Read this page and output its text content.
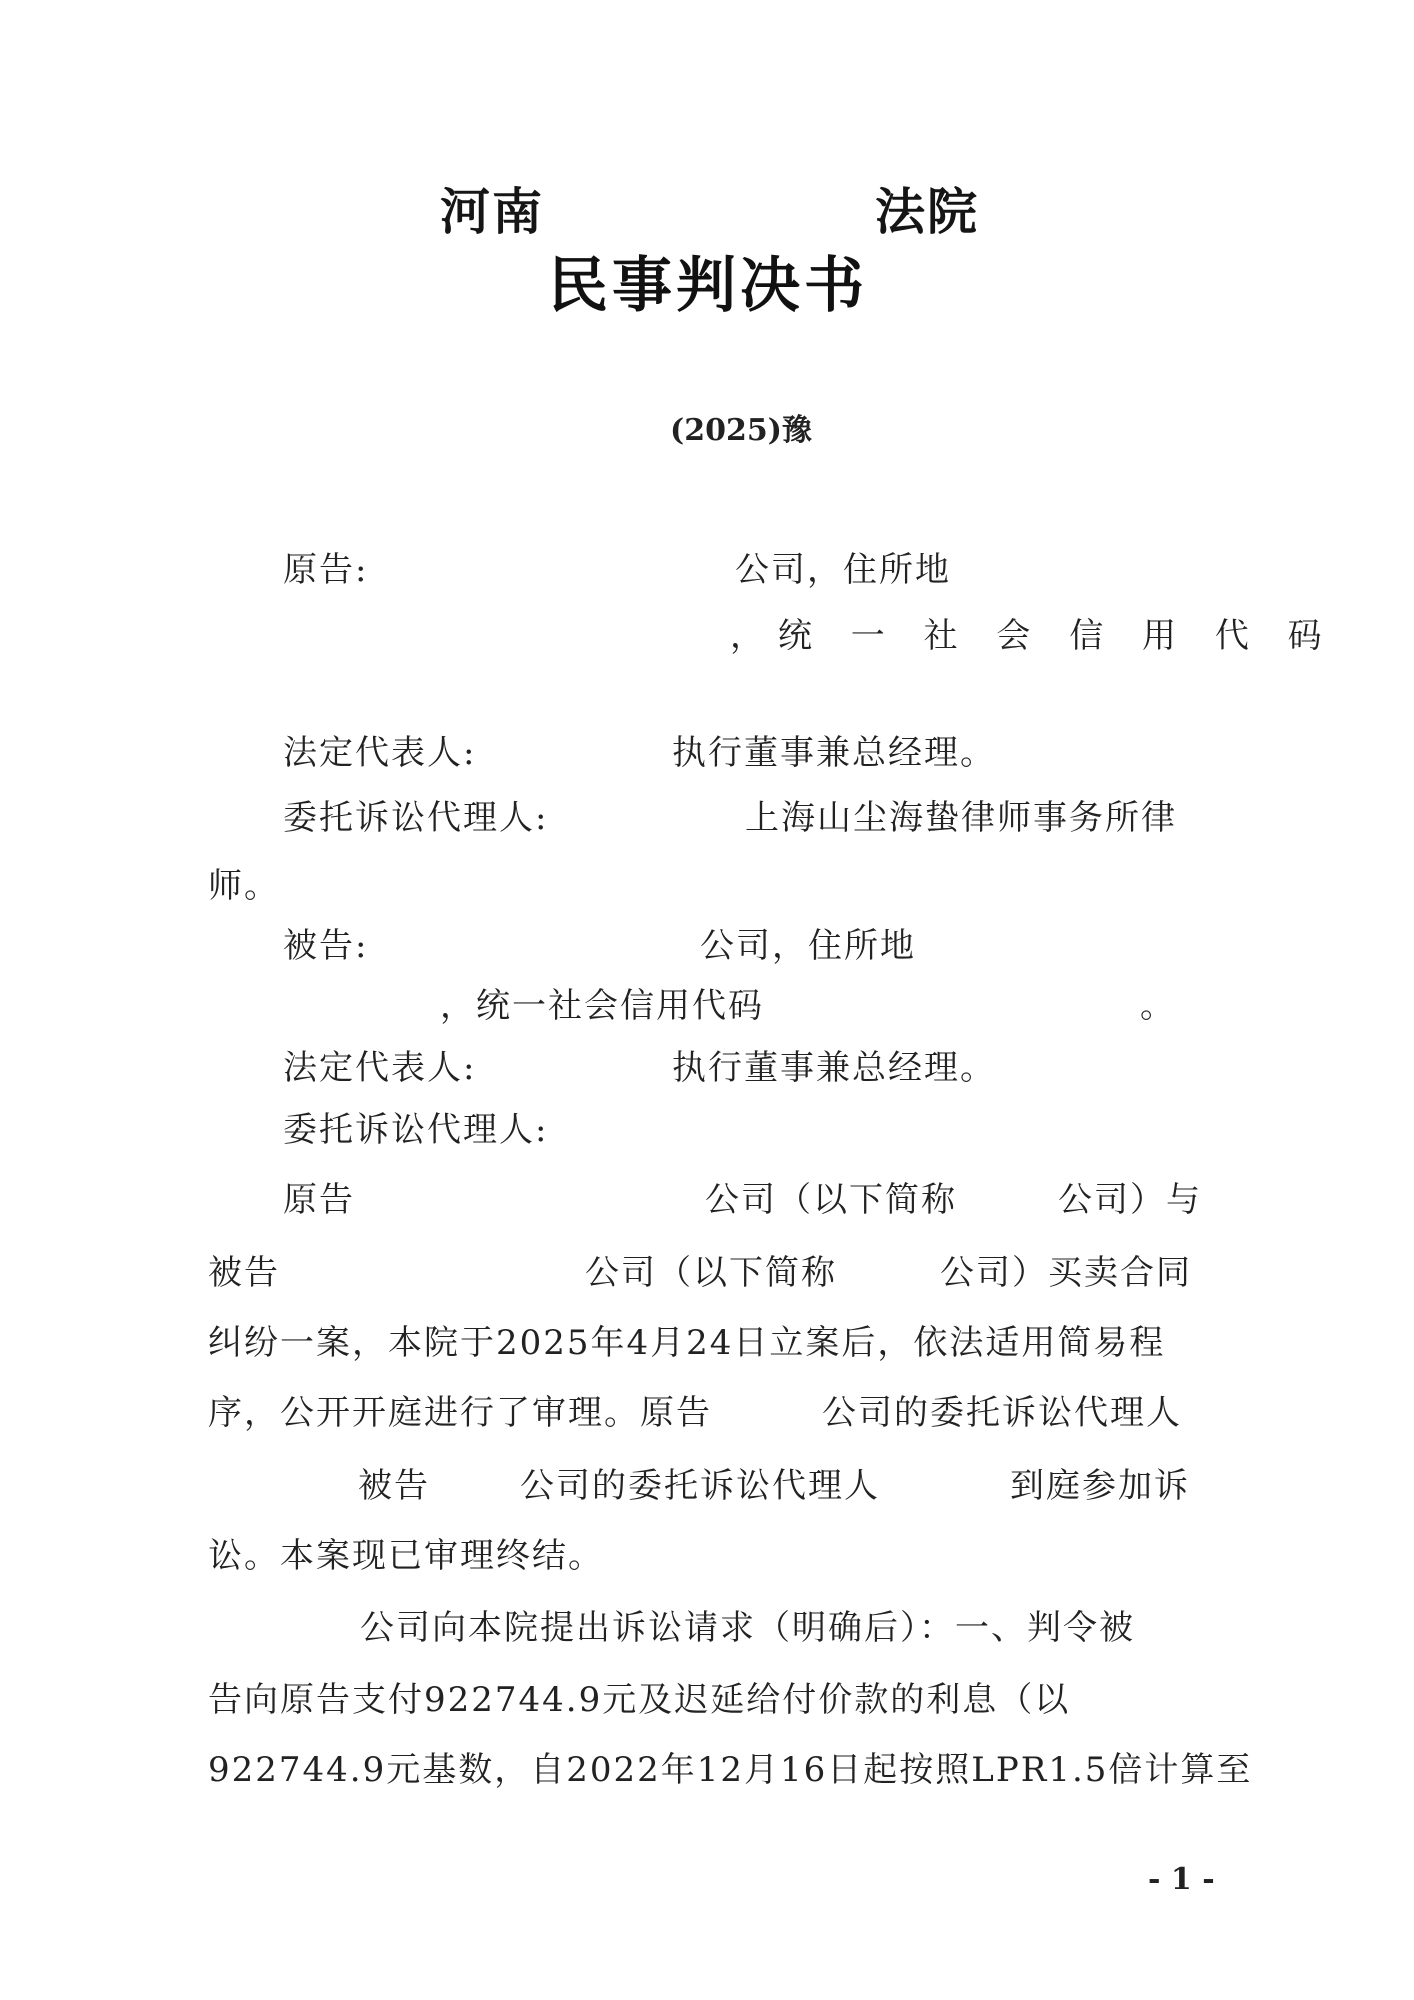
河南	法院
民事判决书
(2025)豫
原告:	公司，住所地
，统 一 社 会 信 用 代 码
法定代表人:	执行董事兼总经理。
委托诉讼代理人:	上海山尘海蛰律师事务所律
师。
被告:	公司，住所地
，统一社会信用代码	。
法定代表人:	执行董事兼总经理。
委托诉讼代理人:
原告	公司（以下简称	公司）与
被告	公司（以下简称	公司）买卖合同
纠纷一案，本院于2025年4月24日立案后，依法适用简易程
序，公开开庭进行了审理。原告	公司的委托诉讼代理人
被告	公司的委托诉讼代理人	到庭参加诉
讼。本案现已审理终结。
公司向本院提出诉讼请求（明确后）：一、判令被
告向原告支付922744.9元及迟延给付价款的利息（以
922744.9元基数，自2022年12月16日起按照LPR1.5倍计算至
- 1 -
